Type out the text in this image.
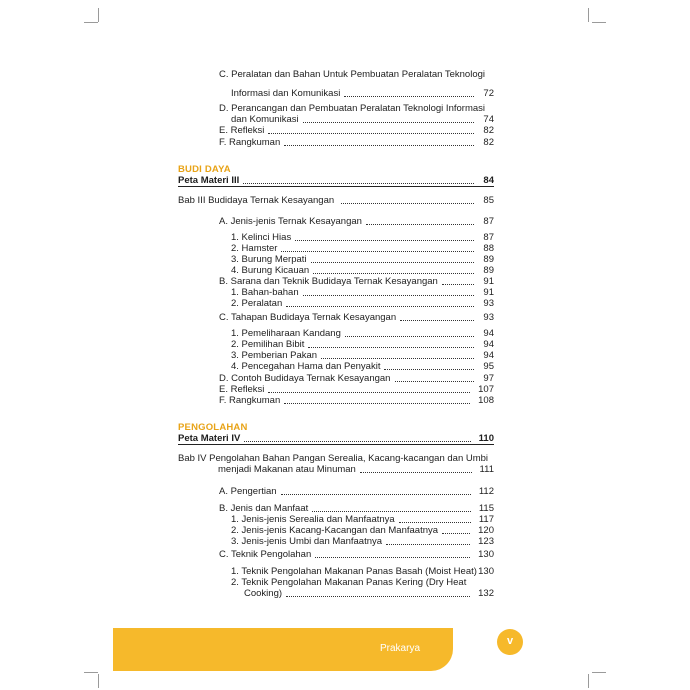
BUDI DAYA
PENGOLAHAN
C. Peralatan dan Bahan Untuk Pembuatan Peralatan Teknologi
Informasi dan Komunikasi	72
D. Perancangan dan Pembuatan Peralatan Teknologi Informasi
dan Komunikasi	74
E. Refleksi	82
F. Rangkuman	82
Peta Materi III	84
Bab III Budidaya Ternak Kesayangan	85
A. Jenis-jenis Ternak Kesayangan	87
1. Kelinci Hias	87
2. Hamster	88
3. Burung Merpati	89
4. Burung Kicauan	89
B. Sarana dan Teknik Budidaya Ternak Kesayangan	91
1. Bahan-bahan	91
2. Peralatan	93
C. Tahapan Budidaya Ternak Kesayangan	93
1. Pemeliharaan Kandang	94
2. Pemilihan Bibit	94
3. Pemberian Pakan	94
4. Pencegahan Hama dan Penyakit	95
D. Contoh Budidaya Ternak Kesayangan	97
E. Refleksi	107
F. Rangkuman	108
Peta Materi IV	110
Bab IV Pengolahan Bahan Pangan Serealia, Kacang-kacangan dan Umbi
menjadi Makanan atau Minuman	111
A. Pengertian	112
B. Jenis dan Manfaat	115
1. Jenis-jenis Serealia dan Manfaatnya	117
2. Jenis-jenis Kacang-Kacangan dan Manfaatnya	120
3. Jenis-jenis Umbi dan Manfaatnya	123
C. Teknik Pengolahan	130
1. Teknik Pengolahan Makanan Panas Basah (Moist Heat) 130
2. Teknik Pengolahan Makanan Panas Kering (Dry Heat
Cooking)	132
Prakarya
v
